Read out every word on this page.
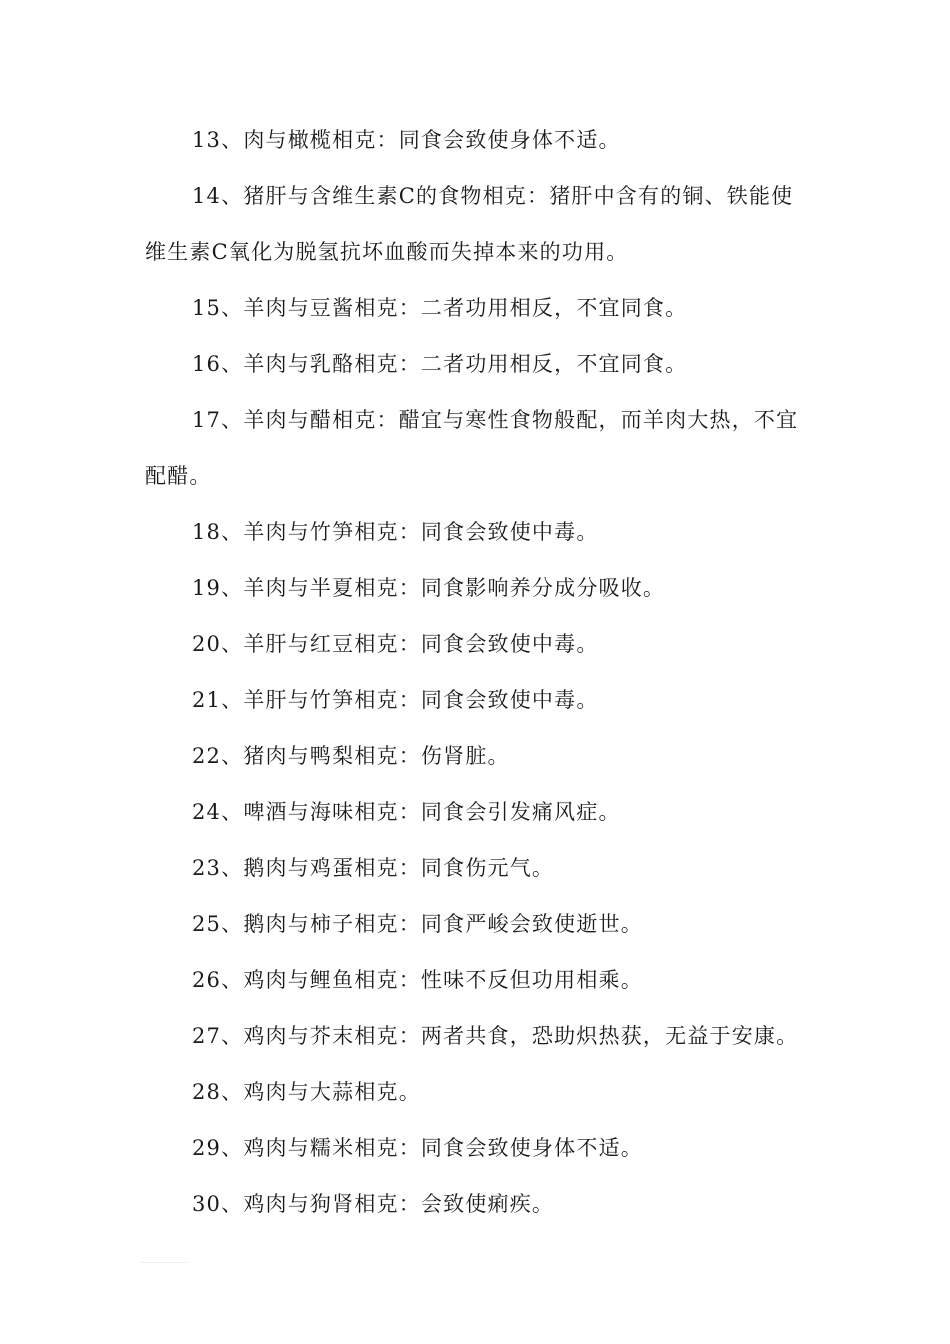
13、肉与橄榄相克：同食会致使身体不适。

14、猪肝与含维生素C的食物相克：猪肝中含有的铜、铁能使维生素C氧化为脱氢抗坏血酸而失掉本来的功用。

15、羊肉与豆酱相克：二者功用相反，不宜同食。

16、羊肉与乳酪相克：二者功用相反，不宜同食。

17、羊肉与醋相克：醋宜与寒性食物般配，而羊肉大热，不宜配醋。

18、羊肉与竹笋相克：同食会致使中毒。

19、羊肉与半夏相克：同食影响养分成分吸收。

20、羊肝与红豆相克：同食会致使中毒。

21、羊肝与竹笋相克：同食会致使中毒。

22、猪肉与鸭梨相克：伤肾脏。

24、啤酒与海味相克：同食会引发痛风症。

23、鹅肉与鸡蛋相克：同食伤元气。

25、鹅肉与柿子相克：同食严峻会致使逝世。

26、鸡肉与鲤鱼相克：性味不反但功用相乘。

27、鸡肉与芥末相克：两者共食，恐助炽热获，无益于安康。

28、鸡肉与大蒜相克。

29、鸡肉与糯米相克：同食会致使身体不适。

30、鸡肉与狗肾相克：会致使痢疾。
